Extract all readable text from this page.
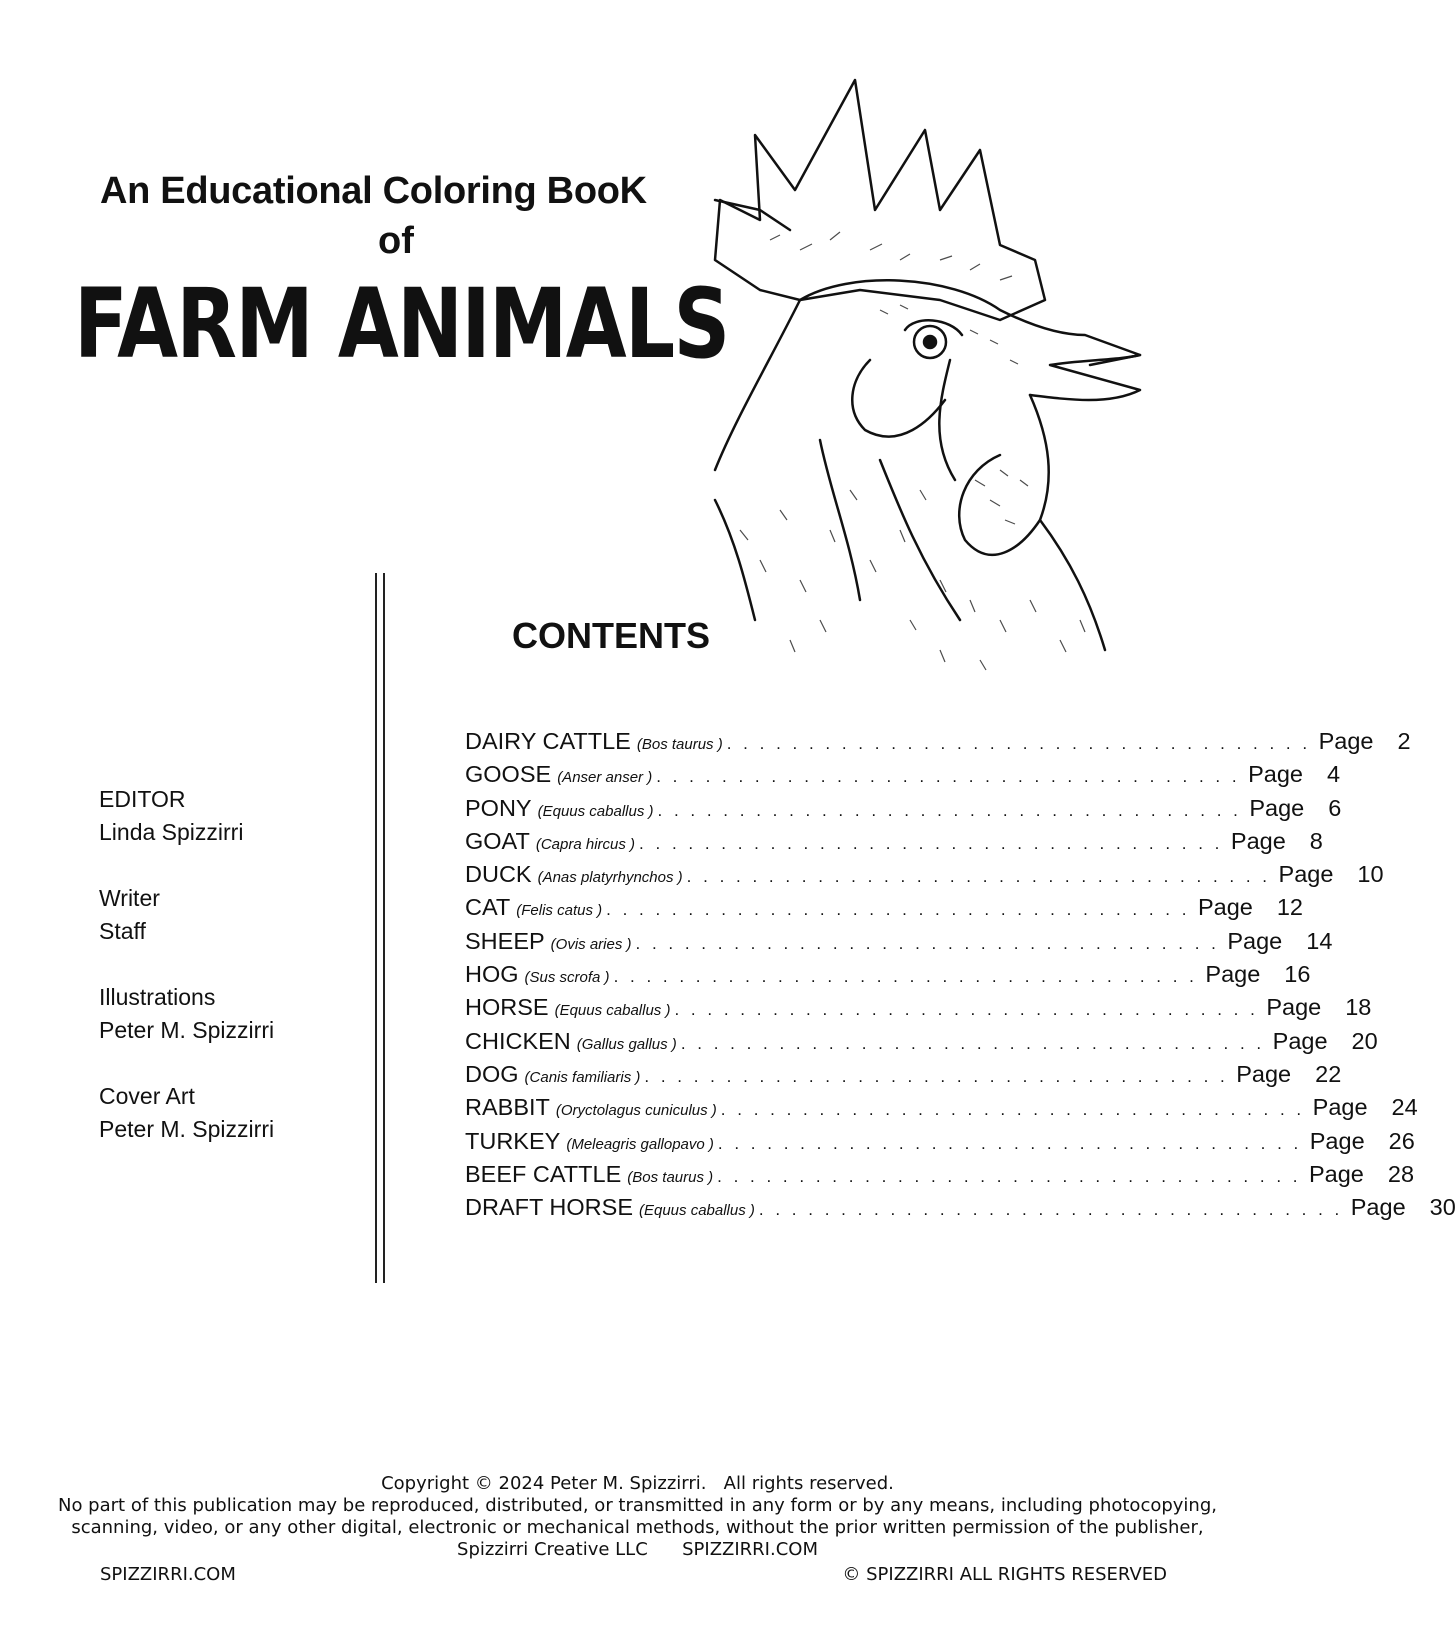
An Educational Coloring BooK
of
FARM ANIMALS
CONTENTS
EDITOR
Linda Spizzirri
Writer
Staff
Illustrations
Peter M. Spizzirri
Cover Art
Peter M. Spizzirri
DAIRY CATTLE (Bos taurus ) . . . . . . . . . . . . . . . . . . . . . . . . . . . . . . . . . . . . Page 2
GOOSE (Anser anser ) . . . . . . . . . . . . . . . . . . . . . . . . . . . . . . . . . . . . Page 4
PONY (Equus caballus ) . . . . . . . . . . . . . . . . . . . . . . . . . . . . . . . . . . . . Page 6
GOAT (Capra hircus ) . . . . . . . . . . . . . . . . . . . . . . . . . . . . . . . . . . . . Page 8
DUCK (Anas platyrhynchos ) . . . . . . . . . . . . . . . . . . . . . . . . . . . . . . . . . . . . Page 10
CAT (Felis catus ) . . . . . . . . . . . . . . . . . . . . . . . . . . . . . . . . . . . . Page 12
SHEEP (Ovis aries ) . . . . . . . . . . . . . . . . . . . . . . . . . . . . . . . . . . . . Page 14
HOG (Sus scrofa ) . . . . . . . . . . . . . . . . . . . . . . . . . . . . . . . . . . . . Page 16
HORSE (Equus caballus ) . . . . . . . . . . . . . . . . . . . . . . . . . . . . . . . . . . . . Page 18
CHICKEN (Gallus gallus ) . . . . . . . . . . . . . . . . . . . . . . . . . . . . . . . . . . . . Page 20
DOG (Canis familiaris ) . . . . . . . . . . . . . . . . . . . . . . . . . . . . . . . . . . . . Page 22
RABBIT (Oryctolagus cuniculus ) . . . . . . . . . . . . . . . . . . . . . . . . . . . . . . . . . . . . Page 24
TURKEY (Meleagris gallopavo ) . . . . . . . . . . . . . . . . . . . . . . . . . . . . . . . . . . . . Page 26
BEEF CATTLE (Bos taurus ) . . . . . . . . . . . . . . . . . . . . . . . . . . . . . . . . . . . . Page 28
DRAFT HORSE (Equus caballus ) . . . . . . . . . . . . . . . . . . . . . . . . . . . . . . . . . . . . Page 30
Copyright © 2024 Peter M. Spizzirri.   All rights reserved.
No part of this publication may be reproduced, distributed, or transmitted in any form or by any means, including photocopying,
scanning, video, or any other digital, electronic or mechanical methods, without the prior written permission of the publisher,
Spizzirri Creative LLC      SPIZZIRRI.COM
SPIZZIRRI.COM	© SPIZZIRRI ALL RIGHTS RESERVED
